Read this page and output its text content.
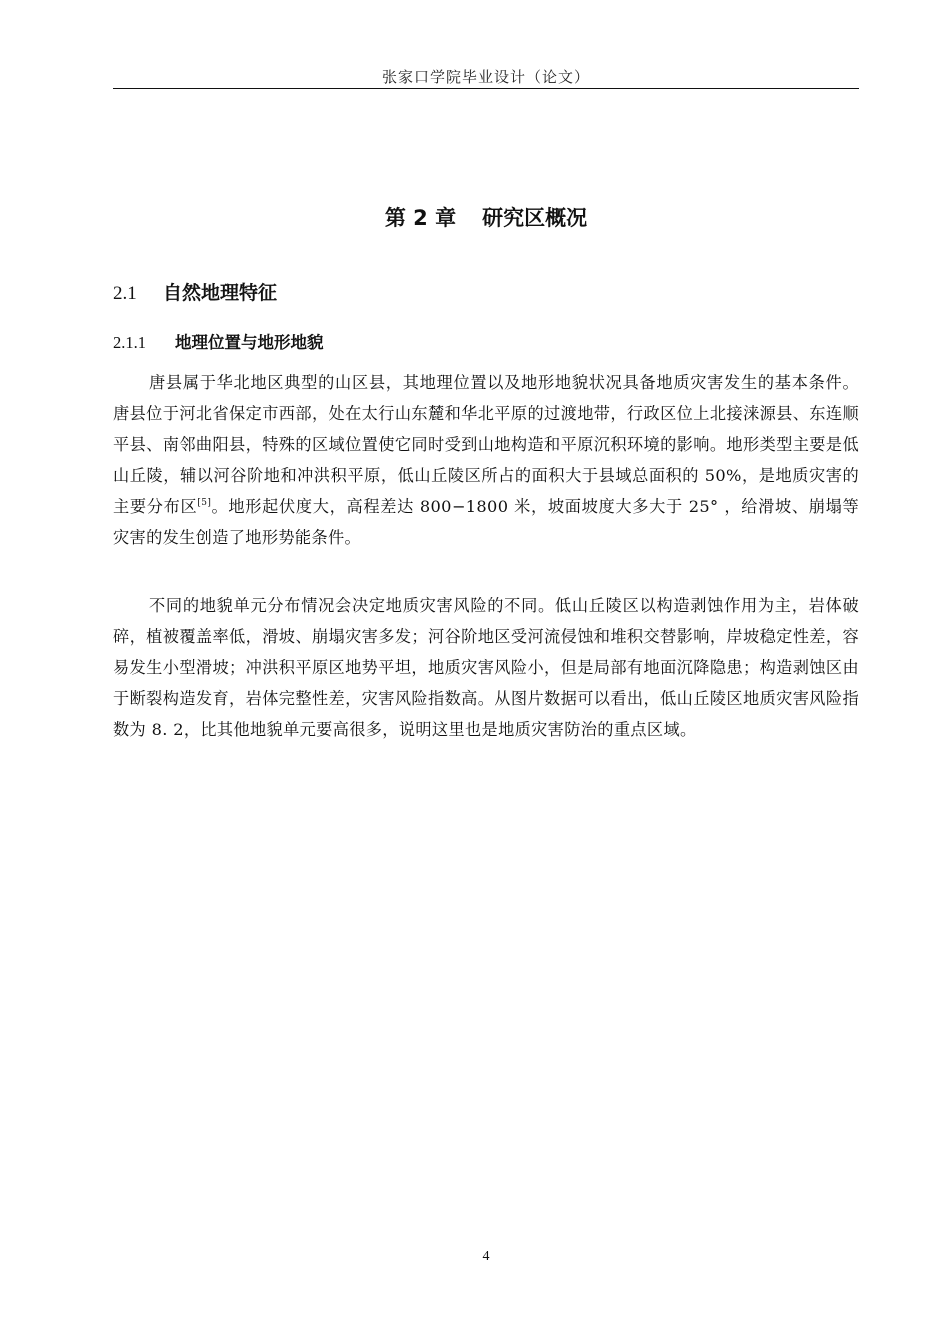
张家口学院毕业设计（论文）
第 2 章 研究区概况
2.1 自然地理特征
2.1.1 地理位置与地形地貌

唐县属于华北地区典型的山区县，其地理位置以及地形地貌状况具备地质灾害发生的基本条件。唐县位于河北省保定市西部，处在太行山东麓和华北平原的过渡地带，行政区位上北接涞源县、东连顺平县、南邻曲阳县，特殊的区域位置使它同时受到山地构造和平原沉积环境的影响。地形类型主要是低山丘陵，辅以河谷阶地和冲洪积平原，低山丘陵区所占的面积大于县域总面积的 50%，是地质灾害的主要分布区[5]。地形起伏度大，高程差达 800−1800 米，坡面坡度大多大于 25° ，给滑坡、崩塌等灾害的发生创造了地形势能条件。

不同的地貌单元分布情况会决定地质灾害风险的不同。低山丘陵区以构造剥蚀作用为主，岩体破碎，植被覆盖率低，滑坡、崩塌灾害多发；河谷阶地区受河流侵蚀和堆积交替影响，岸坡稳定性差，容易发生小型滑坡；冲洪积平原区地势平坦，地质灾害风险小，但是局部有地面沉降隐患；构造剥蚀区由于断裂构造发育，岩体完整性差，灾害风险指数高。从图片数据可以看出，低山丘陵区地质灾害风险指数为 8. 2，比其他地貌单元要高很多，说明这里也是地质灾害防治的重点区域。

4
